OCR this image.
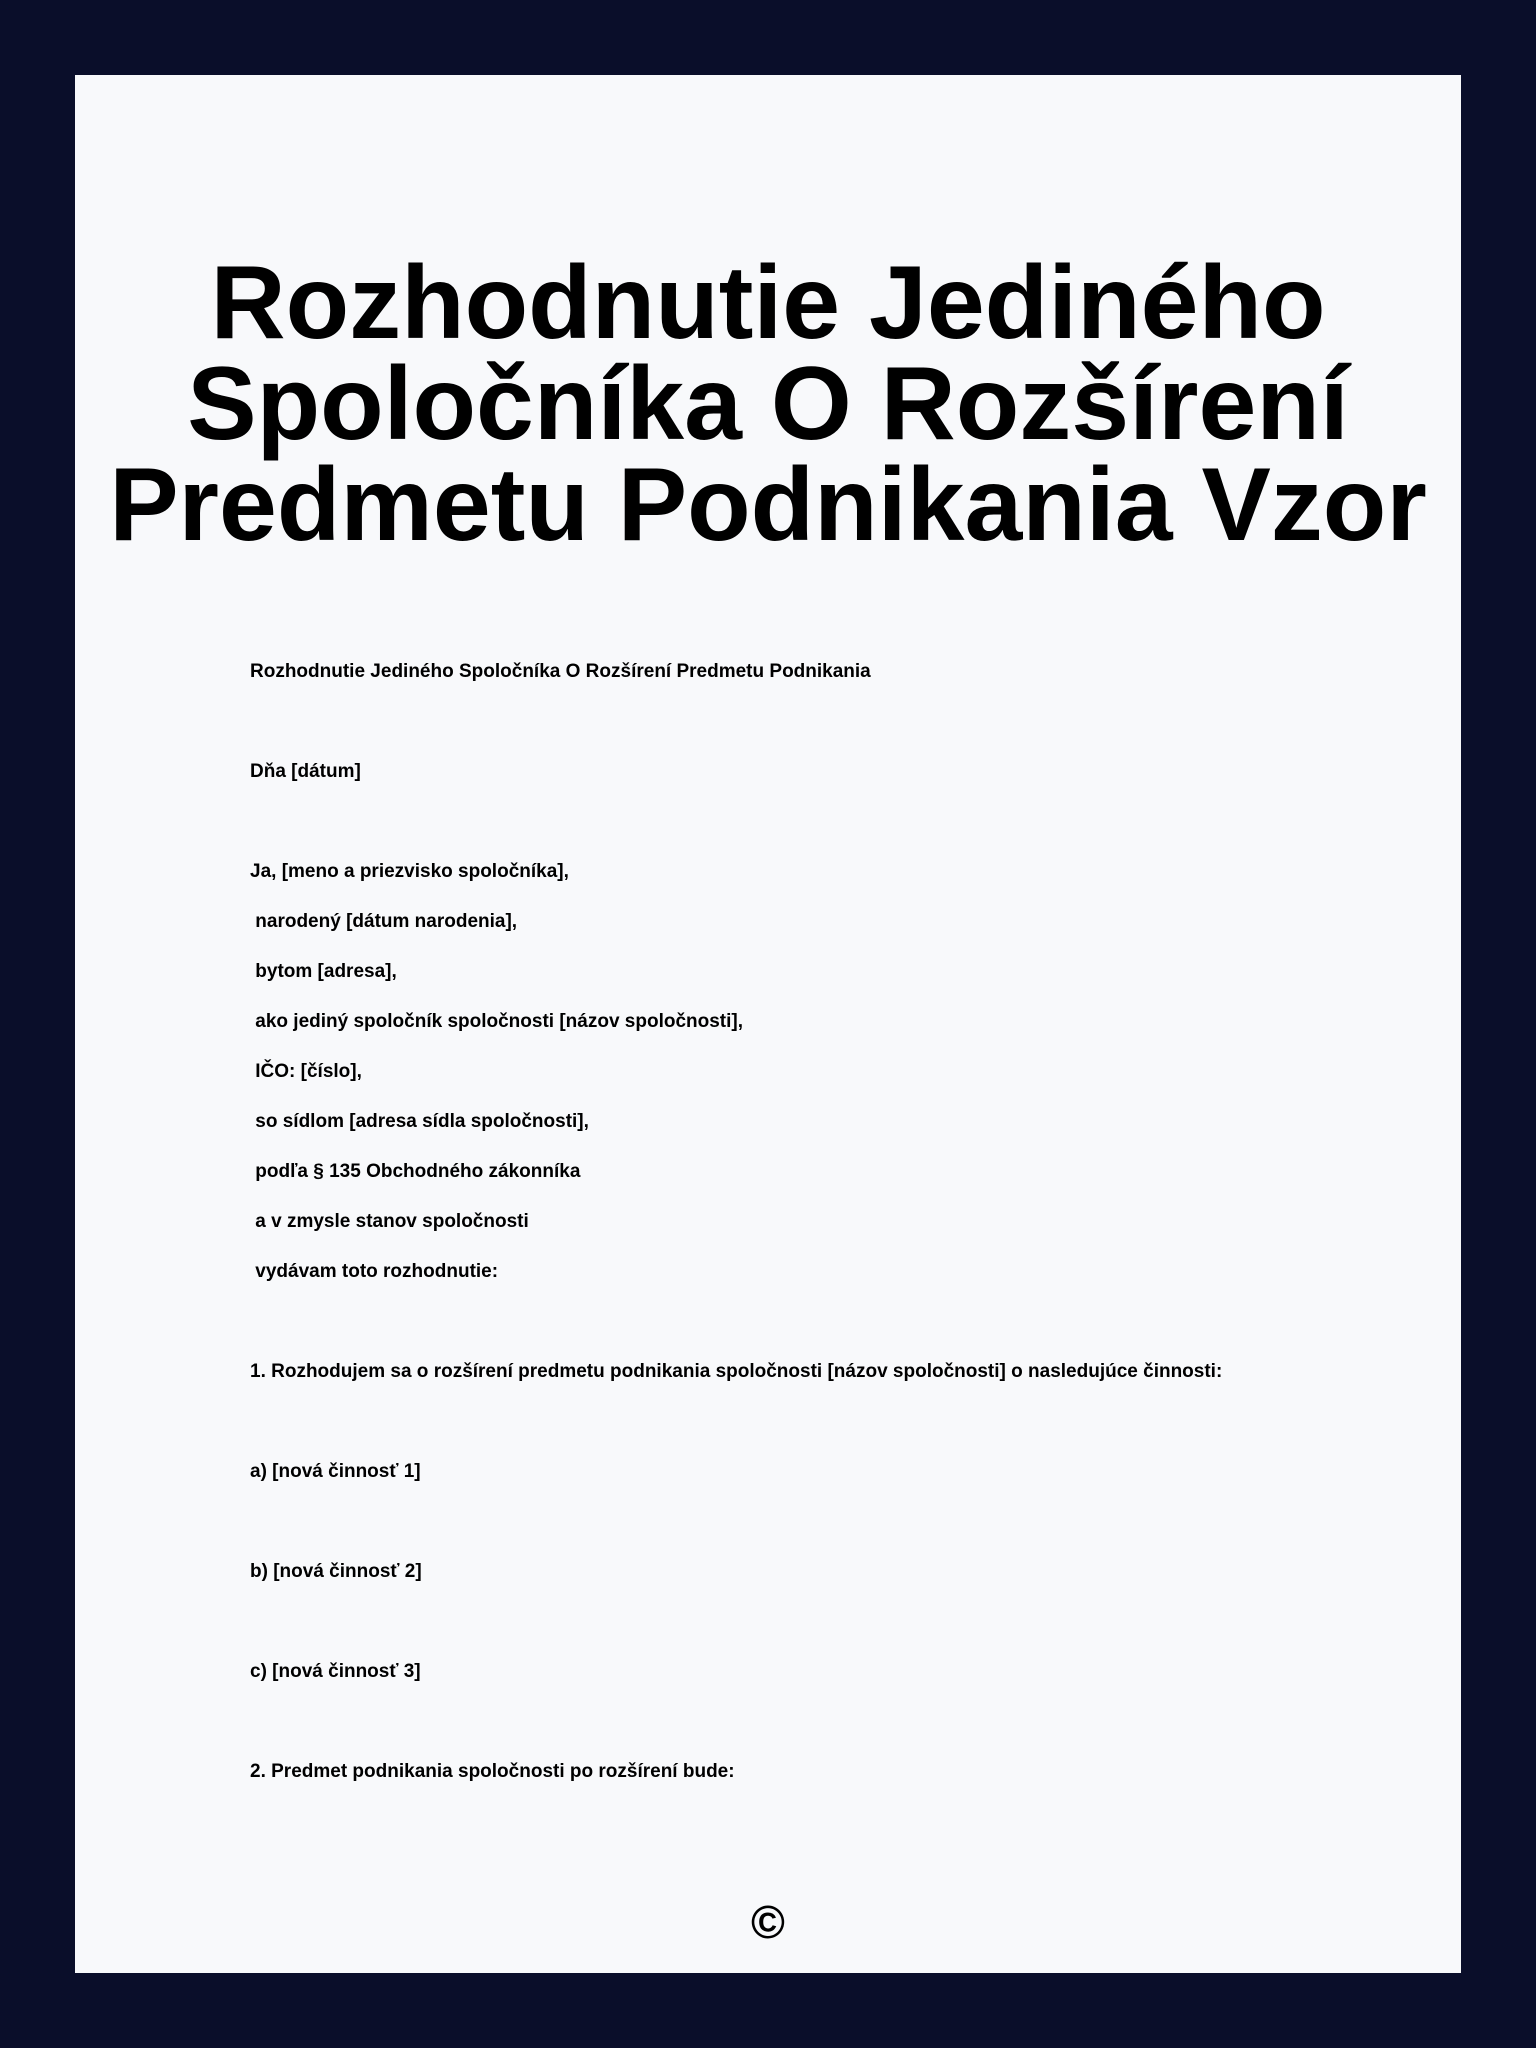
Rozhodnutie Jediného Spoločníka O Rozšírení Predmetu Podnikania Vzor
Rozhodnutie Jediného Spoločníka O Rozšírení Predmetu Podnikania
Dňa [dátum]
Ja, [meno a priezvisko spoločníka],
narodený [dátum narodenia],
bytom [adresa],
ako jediný spoločník spoločnosti [názov spoločnosti],
IČO: [číslo],
so sídlom [adresa sídla spoločnosti],
podľa § 135 Obchodného zákonníka
a v zmysle stanov spoločnosti
vydávam toto rozhodnutie:
1. Rozhodujem sa o rozšírení predmetu podnikania spoločnosti [názov spoločnosti] o nasledujúce činnosti:
a) [nová činnosť 1]
b) [nová činnosť 2]
c) [nová činnosť 3]
2. Predmet podnikania spoločnosti po rozšírení bude:
©
